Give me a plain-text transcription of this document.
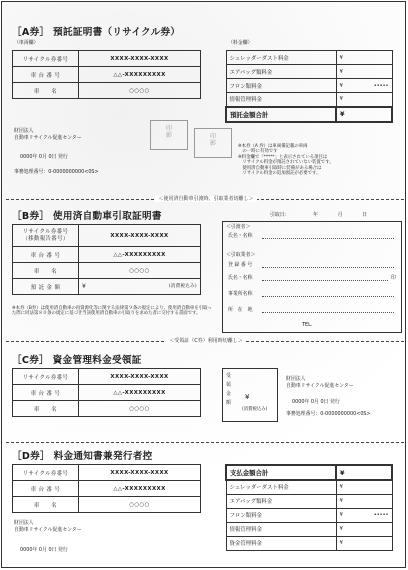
［A券］ 預託証明書（リサイクル券）
（車両欄）
リサイクル券番号	XXXX-XXXX-XXXX
車 台 番 号	△△-XXXXXXXXX
車　　名	○○○○
財団法人
自動車リサイクル促進センター
0000年 0月 0日 発行
事務処理番号：0-0000000000<0S>
印
影	印
影
（料金欄）
シュレッダーダスト料金	¥

エアバッグ類料金	¥

フロン類料金	¥ •••••

情報管理料金	¥

預託金額合計	¥
※本券（A 券）は車両備記載の車両
　の一時に有効です
※料金欄で「*****」と表示されている項目は
　リサイクル料金が預託されていない装置です。
　使用済自動車引取時に装備がある場合は
　リサイクル料金の追加預託が必要です。
＜使用済自動車引渡時、引取業者切離し＞
［B券］ 使用済自動車引取証明書
リサイクル券番号
（移動報告番号）	XXXX-XXXX-XXXX
車 台 番 号	△△-XXXXXXXXX
車　　名	○○○○
預 託 金 額	¥ (消費税込み)
※本券（B券）は使用済自動車の再資源化等に関する法律第９条の規定により、使用済自動車を引取った際に同法第８０条の規定に基づき当該使用済自動車の引取りを求めた者に交付する書面です。
引取日：	年	月	日
＜引渡者＞
氏名・名称
＜引取業者＞
登 録 番 号
氏名・名称	印
事業所名称
所　在　地
TEL.
＜受領証（C券）利用時切離し＞
［C券］ 資金管理料金受領証
リサイクル券番号	XXXX-XXXX-XXXX
車 台 番 号	△△-XXXXXXXXX
車　　名	○○○○
受領金額
¥
(消費税込み)
財団法人
自動車リサイクル促進センター
0000年 0月 0日 発行
事務処理番号：0-0000000000<0S>
［D券］ 料金通知書兼発行者控
リサイクル券番号	XXXX-XXXX-XXXX
車 台 番 号	△△-XXXXXXXXX
車　　名	○○○○
財団法人
自動車リサイクル促進センター
0000年 0月 0日 発行
支払金額合計	¥

シュレッダーダスト料金	¥

エアバッグ類料金	¥

フロン類料金	¥ •••••

情報管理料金	¥

資金管理料金	¥
